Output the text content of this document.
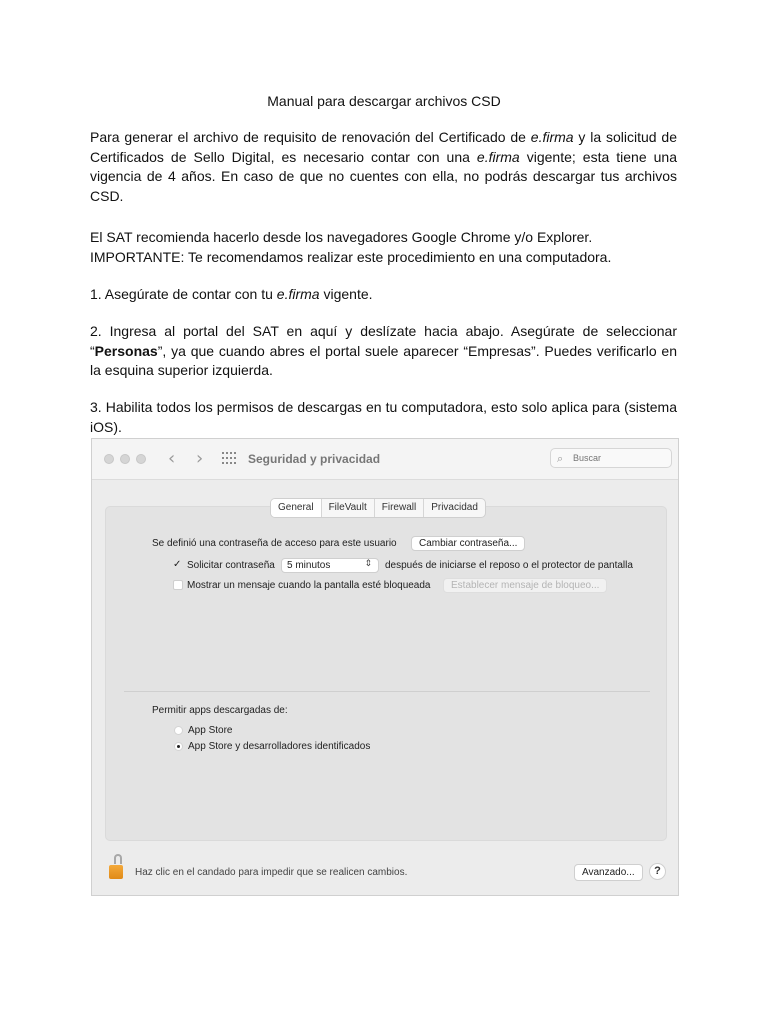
Manual para descargar archivos CSD

Para generar el archivo de requisito de renovación del Certificado de e.firma y la solicitud de Certificados de Sello Digital, es necesario contar con una e.firma vigente; esta tiene una vigencia de 4 años. En caso de que no cuentes con ella, no podrás descargar tus archivos CSD.

El SAT recomienda hacerlo desde los navegadores Google Chrome y/o Explorer.
IMPORTANTE: Te recomendamos realizar este procedimiento en una computadora.

1. Asegúrate de contar con tu e.firma vigente.

2. Ingresa al portal del SAT en aquí y deslízate hacia abajo. Asegúrate de seleccionar “Personas”, ya que cuando abres el portal suele aparecer “Empresas”. Puedes verificarlo en la esquina superior izquierda.

3. Habilita todos los permisos de descargas en tu computadora, esto solo aplica para (sistema iOS).

‹ ›	Seguridad y privacidad	⌕
Buscar
Se definió una contraseña de acceso para este usuario	Cambiar contraseña...
✓ Solicitar contraseña	5 minutos	⇕ después de iniciarse el reposo o el protector de pantalla
Mostrar un mensaje cuando la pantalla esté bloqueada	Establecer mensaje de bloqueo...
Permitir apps descargadas de:
App Store
App Store y desarrolladores identificados
General	FileVault	Firewall	Privacidad
Haz clic en el candado para impedir que se realicen cambios.	Avanzado...	?
